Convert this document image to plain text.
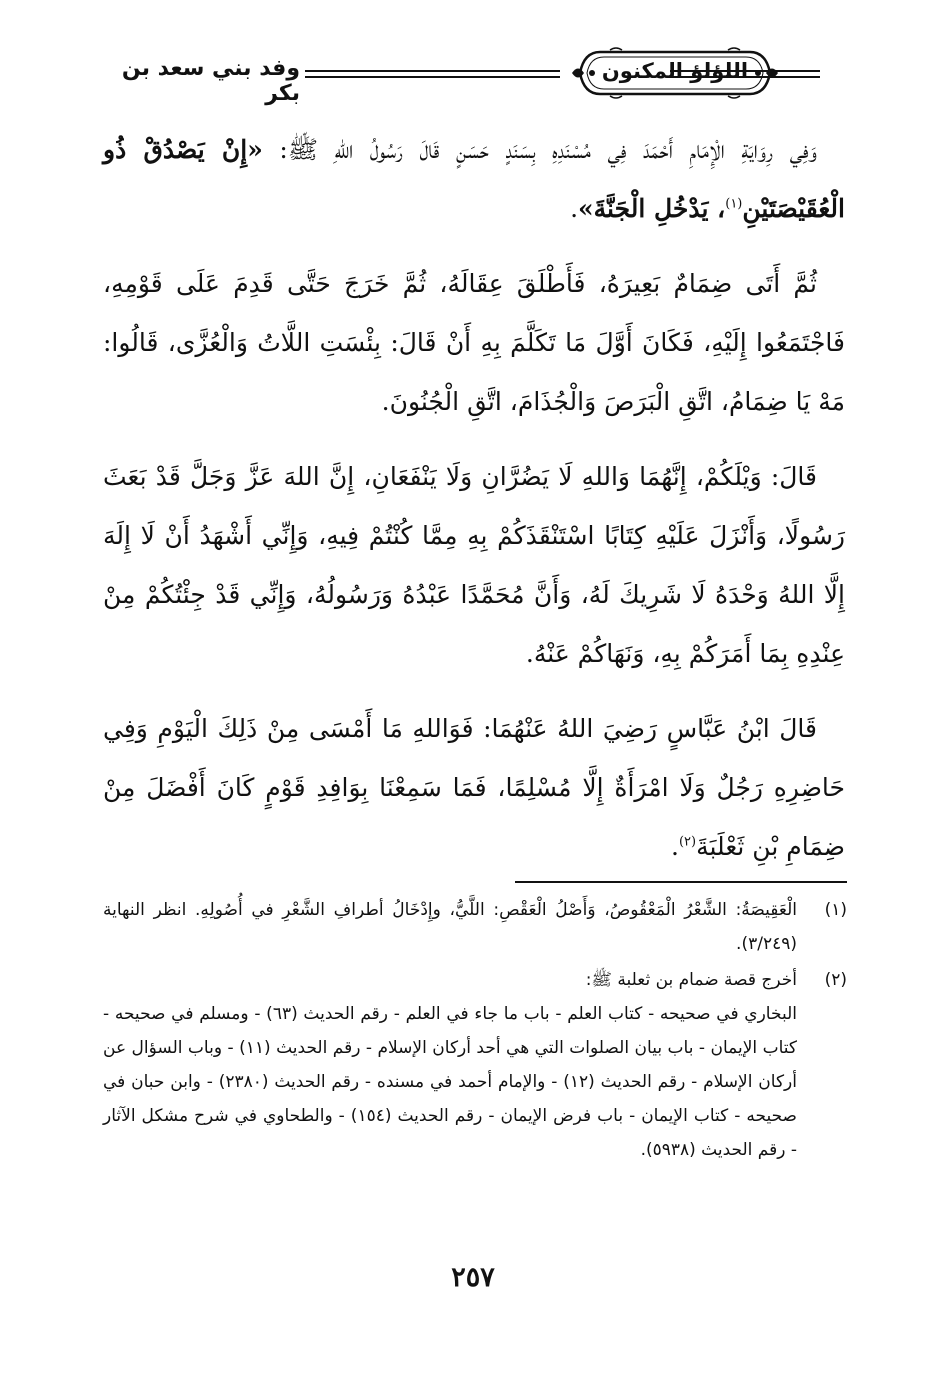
اللؤلؤ المكنون
وفد بني سعد بن بكر

وَفِي رِوَايَةِ الْإِمَامِ أَحْمَدَ فِي مُسْنَدِهِ بِسَنَدٍ حَسَنٍ قَالَ رَسُولُ اللهِ ﷺ: «إِنْ يَصْدُقْ ذُو الْعُقَيْصَتَيْنِ$^{(١)}$، يَدْخُلِ الْجَنَّةَ».

ثُمَّ أَتَى ضِمَامٌ بَعِيرَهُ، فَأَطْلَقَ عِقَالَهُ، ثُمَّ خَرَجَ حَتَّى قَدِمَ عَلَى قَوْمِهِ، فَاجْتَمَعُوا إِلَيْهِ، فَكَانَ أَوَّلَ مَا تَكَلَّمَ بِهِ أَنْ قَالَ: بِئْسَتِ اللَّاتُ وَالْعُزَّى، قَالُوا: مَهْ يَا ضِمَامُ، اتَّقِ الْبَرَصَ وَالْجُذَامَ، اتَّقِ الْجُنُونَ.

قَالَ: وَيْلَكُمْ، إِنَّهُمَا وَاللهِ لَا يَضُرَّانِ وَلَا يَنْفَعَانِ، إِنَّ اللهَ عَزَّ وَجَلَّ قَدْ بَعَثَ رَسُولًا، وَأَنْزَلَ عَلَيْهِ كِتَابًا اسْتَنْقَذَكُمْ بِهِ مِمَّا كُنْتُمْ فِيهِ، وَإِنِّي أَشْهَدُ أَنْ لَا إِلَهَ إِلَّا اللهُ وَحْدَهُ لَا شَرِيكَ لَهُ، وَأَنَّ مُحَمَّدًا عَبْدُهُ وَرَسُولُهُ، وَإِنِّي قَدْ جِئْتُكُمْ مِنْ عِنْدِهِ بِمَا أَمَرَكُمْ بِهِ، وَنَهَاكُمْ عَنْهُ.

قَالَ ابْنُ عَبَّاسٍ رَضِيَ اللهُ عَنْهُمَا: فَوَاللهِ مَا أَمْسَى مِنْ ذَلِكَ الْيَوْمِ وَفِي حَاضِرِهِ رَجُلٌ وَلَا امْرَأَةٌ إِلَّا مُسْلِمًا، فَمَا سَمِعْنَا بِوَافِدِ قَوْمٍ كَانَ أَفْضَلَ مِنْ ضِمَامِ بْنِ ثَعْلَبَةَ$^{(٢)}$.

(١)
الْعَقِيصَةُ: الشَّعْرُ الْمَعْقُوصُ، وَأَصْلُ الْعَقْصِ: اللَّيُّ، وإِدْخَالُ أطرافِ الشَّعْرِ في أُصُولِهِ. انظر النهاية (٣/٢٤٩).
(٢)
أخرج قصة ضمام بن ثعلبة ﷺ:
البخاري في صحيحه - كتاب العلم - باب ما جاء في العلم - رقم الحديث (٦٣) - ومسلم في صحيحه - كتاب الإيمان - باب بيان الصلوات التي هي أحد أركان الإسلام - رقم الحديث (١١) - وباب السؤال عن أركان الإسلام - رقم الحديث (١٢) - والإمام أحمد في مسنده - رقم الحديث (٢٣٨٠) - وابن حبان في صحيحه - كتاب الإيمان - باب فرض الإيمان - رقم الحديث (١٥٤) - والطحاوي في شرح مشكل الآثار - رقم الحديث (٥٩٣٨).
٢٥٧
